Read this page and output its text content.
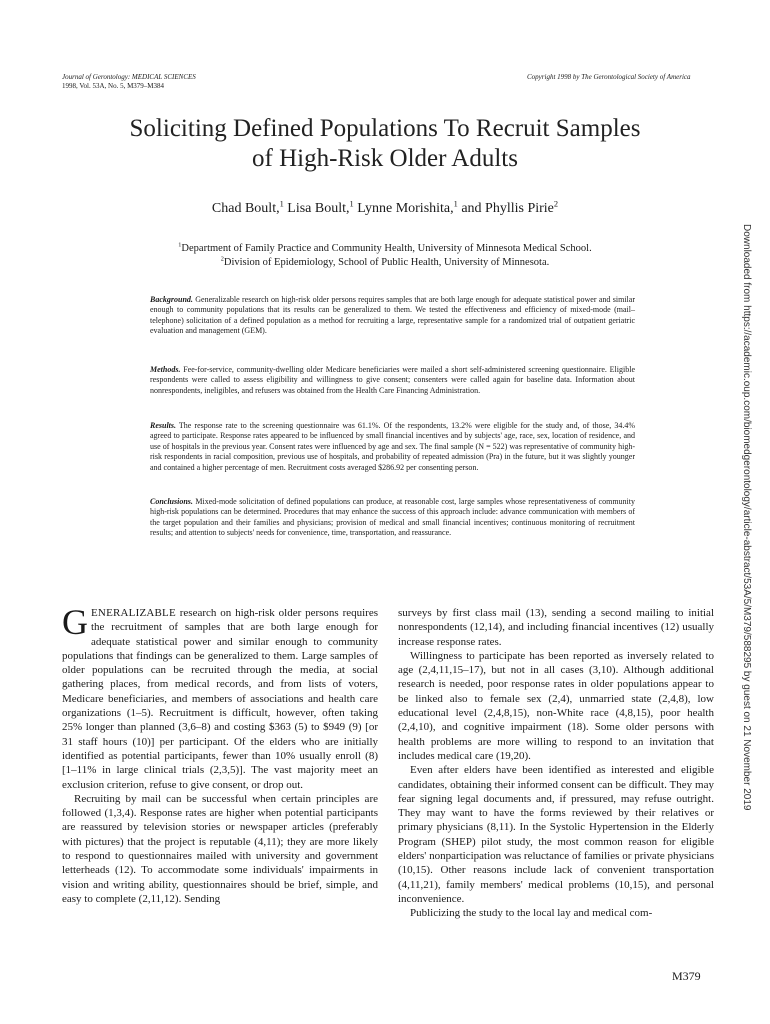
Journal of Gerontology: MEDICAL SCIENCES
1998, Vol. 53A, No. 5, M379–M384
Copyright 1998 by The Gerontological Society of America
Soliciting Defined Populations To Recruit Samples
of High-Risk Older Adults
Chad Boult,$^1$ Lisa Boult,$^1$ Lynne Morishita,$^1$ and Phyllis Pirie$^2$
$^1$Department of Family Practice and Community Health, University of Minnesota Medical School.
$^2$Division of Epidemiology, School of Public Health, University of Minnesota.

Background. Generalizable research on high-risk older persons requires samples that are both large enough for adequate statistical power and similar enough to community populations that its results can be generalized to them. We tested the effectiveness and efficiency of mixed-mode (mail–telephone) solicitation of a defined population as a method for recruiting a large, representative sample for a randomized trial of outpatient geriatric evaluation and management (GEM).

Methods. Fee-for-service, community-dwelling older Medicare beneficiaries were mailed a short self-administered screening questionnaire. Eligible respondents were called to assess eligibility and willingness to give consent; consenters were called again for baseline data. Information about nonrespondents, ineligibles, and refusers was obtained from the Health Care Financing Administration.

Results. The response rate to the screening questionnaire was 61.1%. Of the respondents, 13.2% were eligible for the study and, of those, 34.4% agreed to participate. Response rates appeared to be influenced by small financial incentives and by subjects' age, race, sex, location of residence, and use of hospitals in the previous year. Consent rates were influenced by age and sex. The final sample (N = 522) was representative of community high-risk respondents in racial composition, previous use of hospitals, and probability of repeated admission (Pra) in the future, but it was slightly younger and contained a higher percentage of men. Recruitment costs averaged $286.92 per consenting person.

Conclusions. Mixed-mode solicitation of defined populations can produce, at reasonable cost, large samples whose representativeness of community high-risk populations can be determined. Procedures that may enhance the success of this approach include: advance communication with members of the target population and their families and physicians; provision of medical and small financial incentives; continuous monitoring of recruitment results; and attention to subjects' needs for convenience, time, transportation, and reassurance.

GENERALIZABLE research on high-risk older persons requires the recruitment of samples that are both large enough for adequate statistical power and similar enough to community populations that findings can be generalized to them. Large samples of older populations can be recruited through the media, at social gathering places, from medical records, and from lists of voters, Medicare beneficiaries, and members of associations and health care organizations (1–5). Recruitment is difficult, however, often taking 25% longer than planned (3,6–8) and costing $363 (5) to $949 (9) [or 31 staff hours (10)] per participant. Of the elders who are initially identified as potential participants, fewer than 10% usually enroll (8) [1–11% in large clinical trials (2,3,5)]. The vast majority meet an exclusion criterion, refuse to give consent, or drop out.

Recruiting by mail can be successful when certain principles are followed (1,3,4). Response rates are higher when potential participants are reassured by television stories or newspaper articles (preferably with pictures) that the project is reputable (4,11); they are more likely to respond to questionnaires mailed with university and government letterheads (12). To accommodate some individuals' impairments in vision and writing ability, questionnaires should be brief, simple, and easy to complete (2,11,12). Sending

surveys by first class mail (13), sending a second mailing to initial nonrespondents (12,14), and including financial incentives (12) usually increase response rates.

Willingness to participate has been reported as inversely related to age (2,4,11,15–17), but not in all cases (3,10). Although additional research is needed, poor response rates in older populations appear to be linked also to female sex (2,4), unmarried state (2,4,8), low educational level (2,4,8,15), non-White race (4,8,15), poor health (2,4,10), and cognitive impairment (18). Some older persons with health problems are more willing to respond to an invitation that includes medical care (19,20).

Even after elders have been identified as interested and eligible candidates, obtaining their informed consent can be difficult. They may fear signing legal documents and, if pressured, may refuse outright. They may want to have the forms reviewed by their relatives or primary physicians (8,11). In the Systolic Hypertension in the Elderly Program (SHEP) pilot study, the most common reason for eligible elders' nonparticipation was reluctance of families or private physicians (10,15). Other reasons include lack of convenient transportation (4,11,21), family members' medical problems (10,15), and personal inconvenience.

Publicizing the study to the local lay and medical com-

M379
Downloaded from https://academic.oup.com/biomedgerontology/article-abstract/53A/5/M379/588295 by guest on 21 November 2019
